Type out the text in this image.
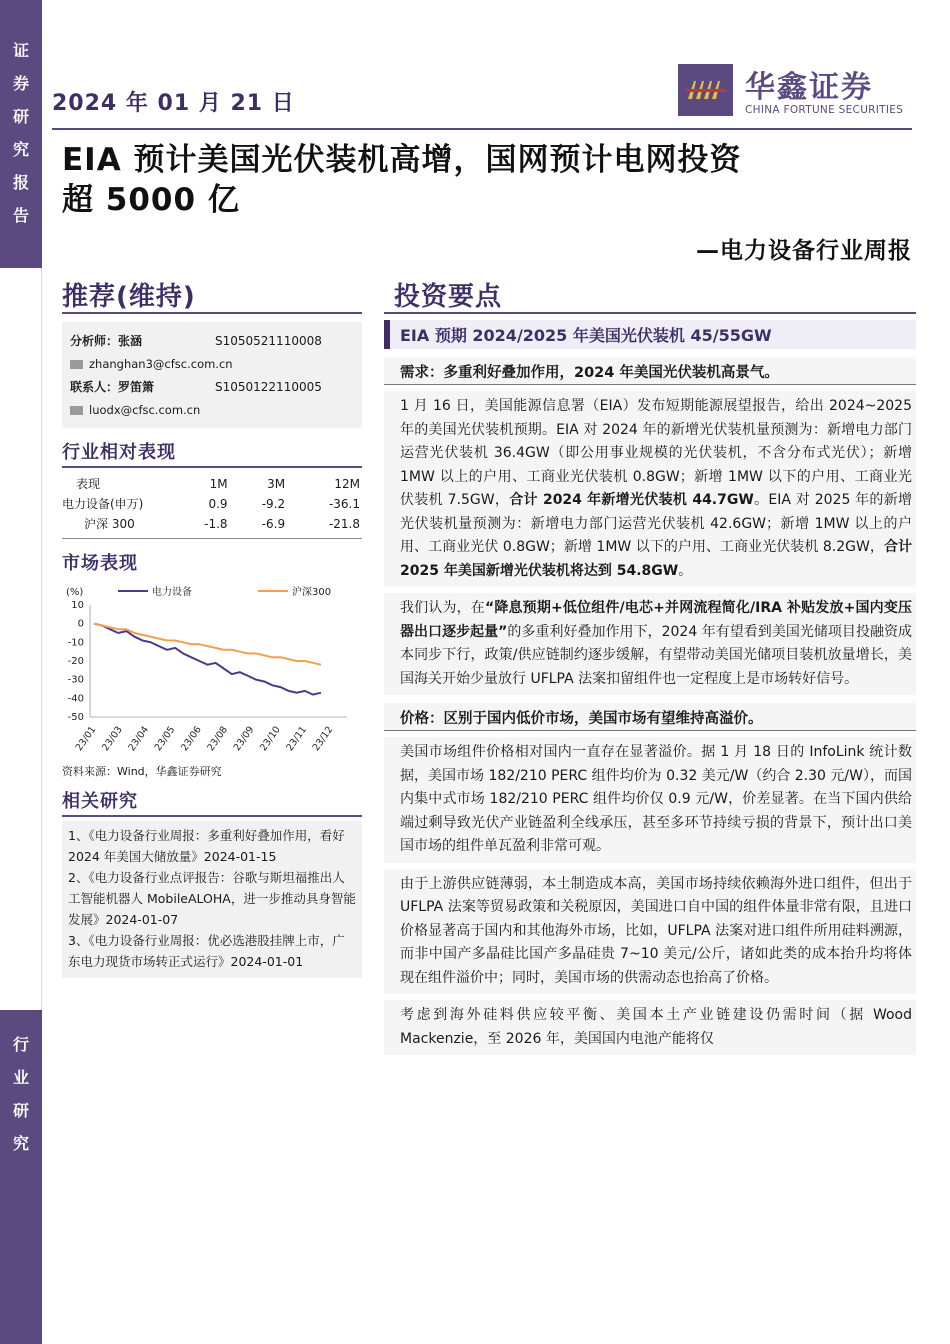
证
券
研
究
报
告
行
业
研
究
2024 年 01 月 21 日	华鑫证券
CHINA FORTUNE SECURITIES
EIA 预计美国光伏装机高增，国网预计电网投资
超 5000 亿
—电力设备行业周报
推荐(维持)	投资要点
分析师：张涵	S1050521110008
zhanghan3@cfsc.com.cn
联系人：罗笛箫	S1050122110005
luodx@cfsc.com.cn
行业相对表现
表现	1M	3M	12M
电力设备(申万)	0.9	-9.2	-36.1
沪深 300	-1.8	-6.9	-21.8
市场表现
(%)	电力设备	沪深300
10
0
-10
-20
-30
-40
-50
23/01 23/03 23/04 23/05 23/06 23/08 23/09 23/10 23/11 23/12
资料来源：Wind，华鑫证券研究
相关研究
1、《电力设备行业周报：多重利好叠加作用，看好 2024 年美国大储放量》2024-01-15
2、《电力设备行业点评报告：谷歌与斯坦福推出人工智能机器人 MobileALOHA，进一步推动具身智能发展》2024-01-07
3、《电力设备行业周报：优必选港股挂牌上市，广东电力现货市场转正式运行》2024-01-01
EIA 预期 2024/2025 年美国光伏装机 45/55GW
需求：多重利好叠加作用，2024 年美国光伏装机高景气。
1 月 16 日，美国能源信息署（EIA）发布短期能源展望报告，给出 2024~2025 年的美国光伏装机预期。EIA 对 2024 年的新增光伏装机量预测为：新增电力部门运营光伏装机 36.4GW（即公用事业规模的光伏装机，不含分布式光伏）；新增 1MW 以上的户用、工商业光伏装机 0.8GW；新增 1MW 以下的户用、工商业光伏装机 7.5GW，合计 2024 年新增光伏装机 44.7GW。EIA 对 2025 年的新增光伏装机量预测为：新增电力部门运营光伏装机 42.6GW；新增 1MW 以上的户用、工商业光伏 0.8GW；新增 1MW 以下的户用、工商业光伏装机 8.2GW，合计 2025 年美国新增光伏装机将达到 54.8GW。
我们认为，在“降息预期+低位组件/电芯+并网流程简化/IRA 补贴发放+国内变压器出口逐步起量”的多重利好叠加作用下，2024 年有望看到美国光储项目投融资成本同步下行，政策/供应链制约逐步缓解，有望带动美国光储项目装机放量增长，美国海关开始少量放行 UFLPA 法案扣留组件也一定程度上是市场转好信号。
价格：区别于国内低价市场，美国市场有望维持高溢价。
美国市场组件价格相对国内一直存在显著溢价。据 1 月 18 日的 InfoLink 统计数据，美国市场 182/210 PERC 组件均价为 0.32 美元/W（约合 2.30 元/W），而国内集中式市场 182/210 PERC 组件均价仅 0.9 元/W，价差显著。在当下国内供给端过剩导致光伏产业链盈利全线承压，甚至多环节持续亏损的背景下，预计出口美国市场的组件单瓦盈利非常可观。
由于上游供应链薄弱，本土制造成本高，美国市场持续依赖海外进口组件，但出于 UFLPA 法案等贸易政策和关税原因，美国进口自中国的组件体量非常有限，且进口价格显著高于国内和其他海外市场，比如，UFLPA 法案对进口组件所用硅料溯源，而非中国产多晶硅比国产多晶硅贵 7~10 美元/公斤，诸如此类的成本抬升均将体现在组件溢价中；同时，美国市场的供需动态也抬高了价格。
考虑到海外硅料供应较平衡、美国本土产业链建设仍需时间（据 Wood Mackenzie，至 2026 年，美国国内电池产能将仅
